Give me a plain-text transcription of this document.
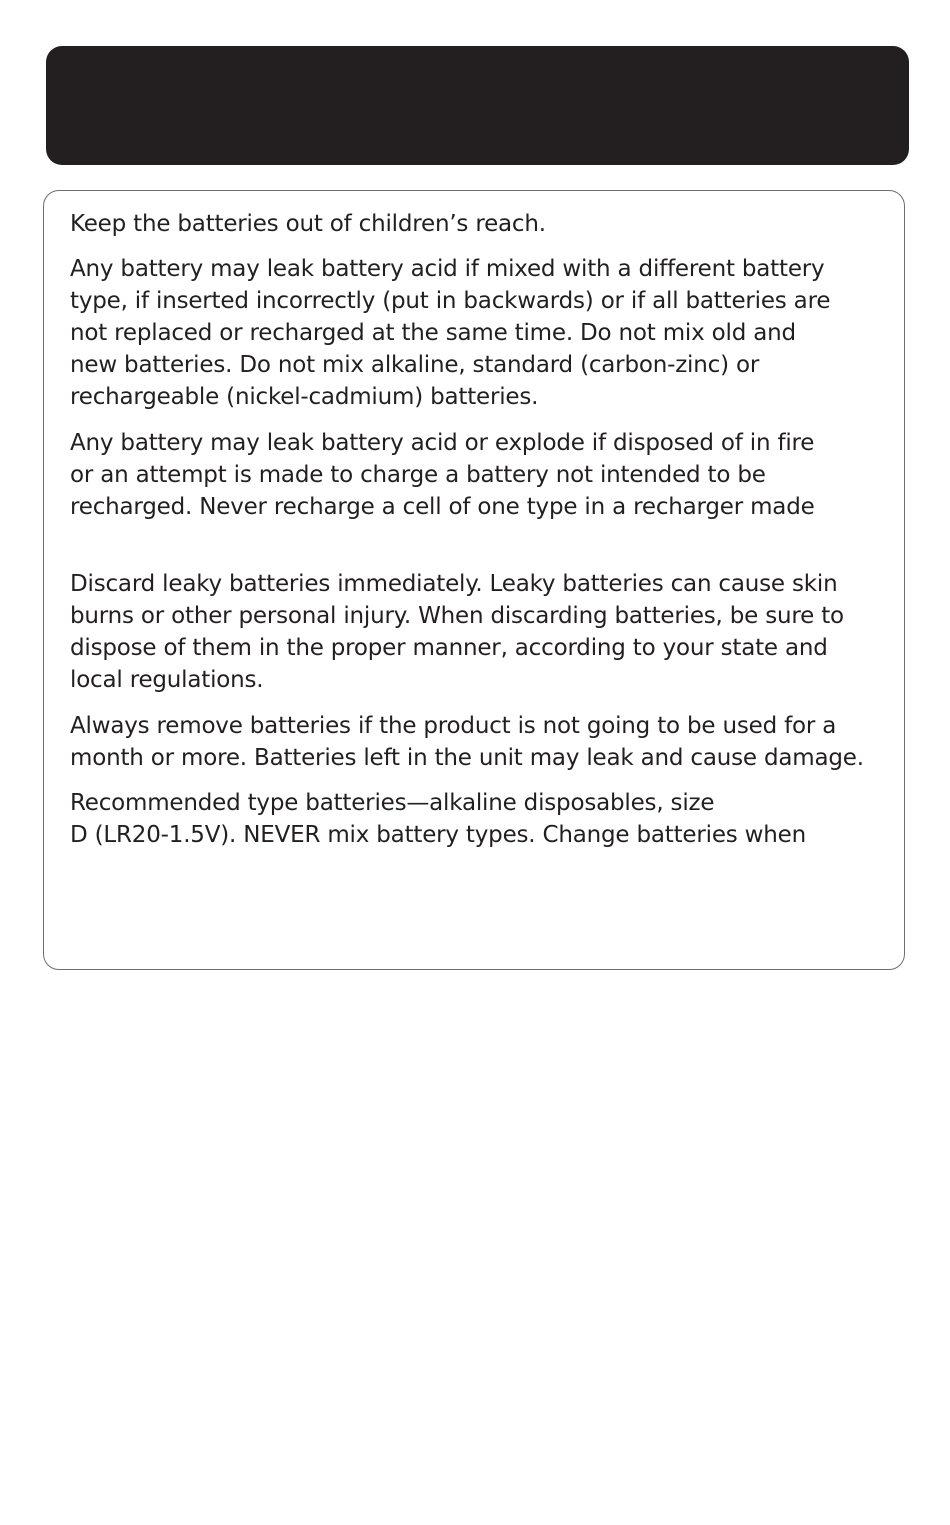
Keep the batteries out of children’s reach.

Any battery may leak battery acid if mixed with a different battery
type, if inserted incorrectly (put in backwards) or if all batteries are
not replaced or recharged at the same time. Do not mix old and
new batteries. Do not mix alkaline, standard (carbon-zinc) or
rechargeable (nickel-cadmium) batteries.

Any battery may leak battery acid or explode if disposed of in fire
or an attempt is made to charge a battery not intended to be
recharged. Never recharge a cell of one type in a recharger made

Discard leaky batteries immediately. Leaky batteries can cause skin
burns or other personal injury. When discarding batteries, be sure to
dispose of them in the proper manner, according to your state and
local regulations.

Always remove batteries if the product is not going to be used for a
month or more. Batteries left in the unit may leak and cause damage.

Recommended type batteries—alkaline disposables, size
D (LR20-1.5V). NEVER mix battery types. Change batteries when
